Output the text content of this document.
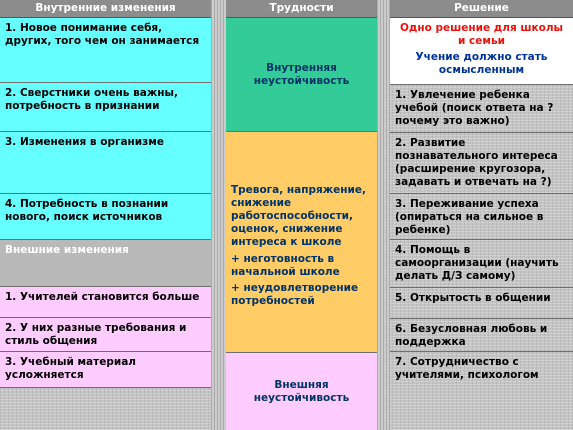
Внутренние изменения
1. Новое понимание себя, других, того чем он занимается
2. Сверстники очень важны, потребность в признании
3. Изменения в организме
4. Потребность в познании нового, поиск источников
Внешние изменения
1. Учителей становится больше
2. У них разные требования и стиль общения
3. Учебный материал усложняется
Трудности
Внутренняя неустойчивость
Тревога, напряжение, снижение работоспособности, оценок, снижение интереса к школе
+ неготовность в начальной школе
+ неудовлетворение потребностей
Внешняя неустойчивость
Решение
Одно решение для школы и семьи
Учение должно стать осмысленным
1. Увлечение ребенка учебой (поиск ответа на ? почему это важно)
2. Развитие познавательного интереса (расширение кругозора, задавать и отвечать на ?)
3. Переживание успеха (опираться на сильное в ребенке)
4. Помощь в самоорганизации (научить делать Д/З самому)
5. Открытость в общении
6. Безусловная любовь и поддержка
7. Сотрудничество с учителями, психологом
